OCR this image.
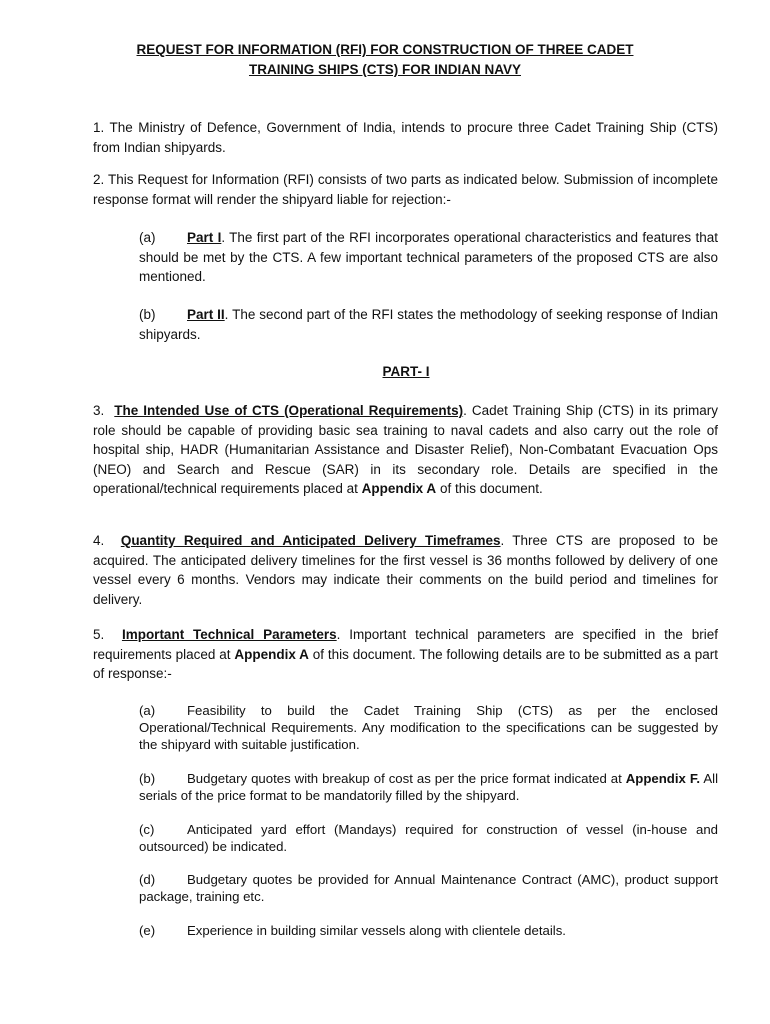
REQUEST FOR INFORMATION (RFI) FOR CONSTRUCTION OF THREE CADET
TRAINING SHIPS (CTS) FOR INDIAN NAVY
1. The Ministry of Defence, Government of India, intends to procure three Cadet Training Ship (CTS) from Indian shipyards.
2. This Request for Information (RFI) consists of two parts as indicated below. Submission of incomplete response format will render the shipyard liable for rejection:-
(a) Part I. The first part of the RFI incorporates operational characteristics and features that should be met by the CTS. A few important technical parameters of the proposed CTS are also mentioned.
(b) Part II. The second part of the RFI states the methodology of seeking response of Indian shipyards.
PART- I
3. The Intended Use of CTS (Operational Requirements). Cadet Training Ship (CTS) in its primary role should be capable of providing basic sea training to naval cadets and also carry out the role of hospital ship, HADR (Humanitarian Assistance and Disaster Relief), Non-Combatant Evacuation Ops (NEO) and Search and Rescue (SAR) in its secondary role. Details are specified in the operational/technical requirements placed at Appendix A of this document.
4. Quantity Required and Anticipated Delivery Timeframes. Three CTS are proposed to be acquired. The anticipated delivery timelines for the first vessel is 36 months followed by delivery of one vessel every 6 months. Vendors may indicate their comments on the build period and timelines for delivery.
5. Important Technical Parameters. Important technical parameters are specified in the brief requirements placed at Appendix A of this document. The following details are to be submitted as a part of response:-
(a) Feasibility to build the Cadet Training Ship (CTS) as per the enclosed Operational/Technical Requirements. Any modification to the specifications can be suggested by the shipyard with suitable justification.
(b) Budgetary quotes with breakup of cost as per the price format indicated at Appendix F. All serials of the price format to be mandatorily filled by the shipyard.
(c) Anticipated yard effort (Mandays) required for construction of vessel (in-house and outsourced) be indicated.
(d) Budgetary quotes be provided for Annual Maintenance Contract (AMC), product support package, training etc.
(e) Experience in building similar vessels along with clientele details.
